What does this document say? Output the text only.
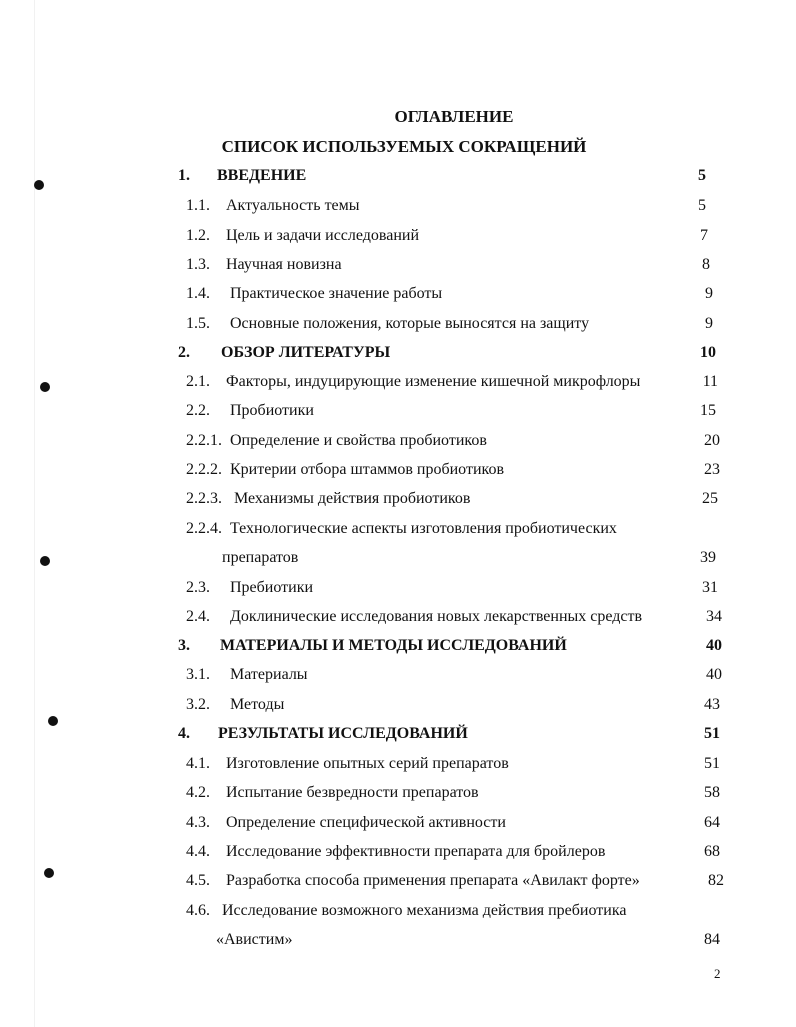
ОГЛАВЛЕНИЕ
СПИСОК ИСПОЛЬЗУЕМЫХ СОКРАЩЕНИЙ
1. ВВЕДЕНИЕ	5
1.1. Актуальность темы	5
1.2. Цель и задачи исследований	7
1.3. Научная новизна	8
1.4. Практическое значение работы	9
1.5. Основные положения, которые выносятся на защиту	9
2. ОБЗОР ЛИТЕРАТУРЫ	10
2.1. Факторы, индуцирующие изменение кишечной микрофлоры	11
2.2. Пробиотики	15
2.2.1. Определение и свойства пробиотиков	20
2.2.2. Критерии отбора штаммов пробиотиков	23
2.2.3. Механизмы действия пробиотиков	25
2.2.4. Технологические аспекты изготовления пробиотических
препаратов	39
2.3. Пребиотики	31
2.4. Доклинические исследования новых лекарственных средств	34
3. МАТЕРИАЛЫ И МЕТОДЫ ИССЛЕДОВАНИЙ	40
3.1. Материалы	40
3.2. Методы	43
4. РЕЗУЛЬТАТЫ ИССЛЕДОВАНИЙ	51
4.1. Изготовление опытных серий препаратов	51
4.2. Испытание безвредности препаратов	58
4.3. Определение специфической активности	64
4.4. Исследование эффективности препарата для бройлеров	68
4.5. Разработка способа применения препарата «Авилакт форте»	82
4.6. Исследование возможного механизма действия пребиотика
«Авистим»	84
2
